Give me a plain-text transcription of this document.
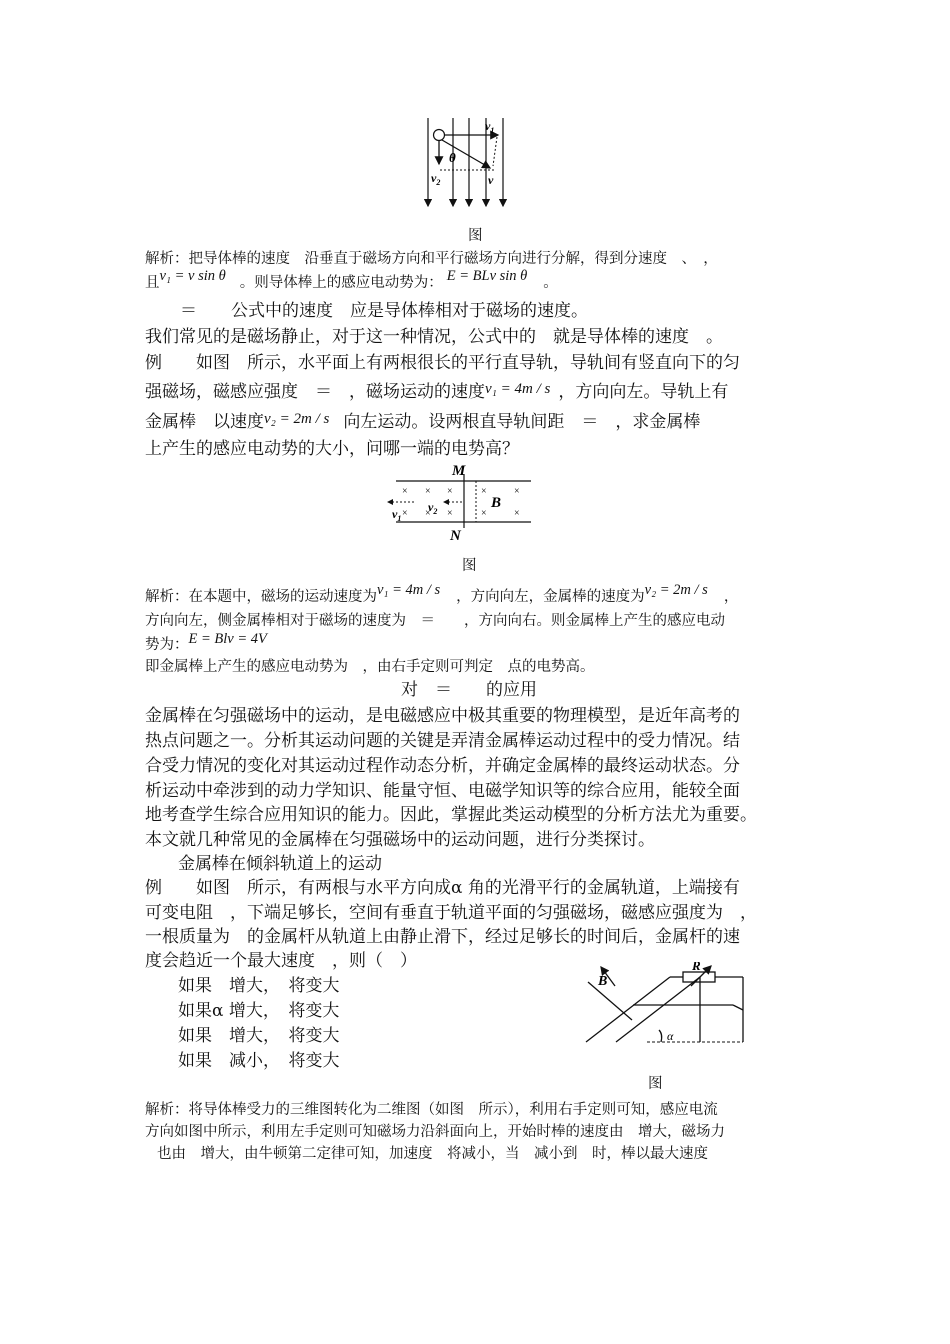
θ
$v_1$
$v_2$	v
图
解析：把导体棒的速度　沿垂直于磁场方向和平行磁场方向进行分解，得到分速度　、　，
且v₁ = v sin θ 。则导体棒上的感应电动势为： E = BLv sin θ 。
＝　　公式中的速度　应是导体棒相对于磁场的速度。
我们常见的是磁场静止，对于这一种情况，公式中的　就是导体棒的速度　。
例　　如图　所示，水平面上有两根很长的平行直导轨，导轨间有竖直向下的匀
强磁场，磁感应强度　＝　，磁场运动的速度v₁ = 4m / s ，方向向左。导轨上有
金属棒　以速度v₂ = 2m / s 向左运动。设两根直导轨间距　＝　，求金属棒
上产生的感应电动势的大小，问哪一端的电势高？
× × ×	×	×
× × ×	×	×
M
N
B
$v_1$
$v_2$
图
解析：在本题中，磁场的运动速度为v₁ = 4m / s ，方向向左，金属棒的速度为v₂ = 2m / s ，
方向向左，侧金属棒相对于磁场的速度为　＝　　，方向向右。则金属棒上产生的感应电动
势为：E = Blv = 4V
即金属棒上产生的感应电动势为　，由右手定则可判定　点的电势高。
对　＝　　的应用
金属棒在匀强磁场中的运动，是电磁感应中极其重要的物理模型，是近年高考的
热点问题之一。分析其运动问题的关键是弄清金属棒运动过程中的受力情况。结
合受力情况的变化对其运动过程作动态分析，并确定金属棒的最终运动状态。分
析运动中牵涉到的动力学知识、能量守恒、电磁学知识等的综合应用，能较全面
地考查学生综合应用知识的能力。因此，掌握此类运动模型的分析方法尤为重要。
本文就几种常见的金属棒在匀强磁场中的运动问题，进行分类探讨。
金属棒在倾斜轨道上的运动
例　　如图　所示，有两根与水平方向成α 角的光滑平行的金属轨道，上端接有
可变电阻　，下端足够长，空间有垂直于轨道平面的匀强磁场，磁感应强度为　，
一根质量为　的金属杆从轨道上由静止滑下，经过足够长的时间后，金属杆的速
度会趋近一个最大速度　，则（　）
如果　增大，　将变大
如果α 增大，　将变大
如果　增大，　将变大
如果　减小，　将变大
B
R
α
图
解析：将导体棒受力的三维图转化为二维图（如图　所示），利用右手定则可知，感应电流
方向如图中所示，利用左手定则可知磁场力沿斜面向上，开始时棒的速度由　增大，磁场力
也由　增大，由牛顿第二定律可知，加速度　将减小，当　减小到　时，棒以最大速度
